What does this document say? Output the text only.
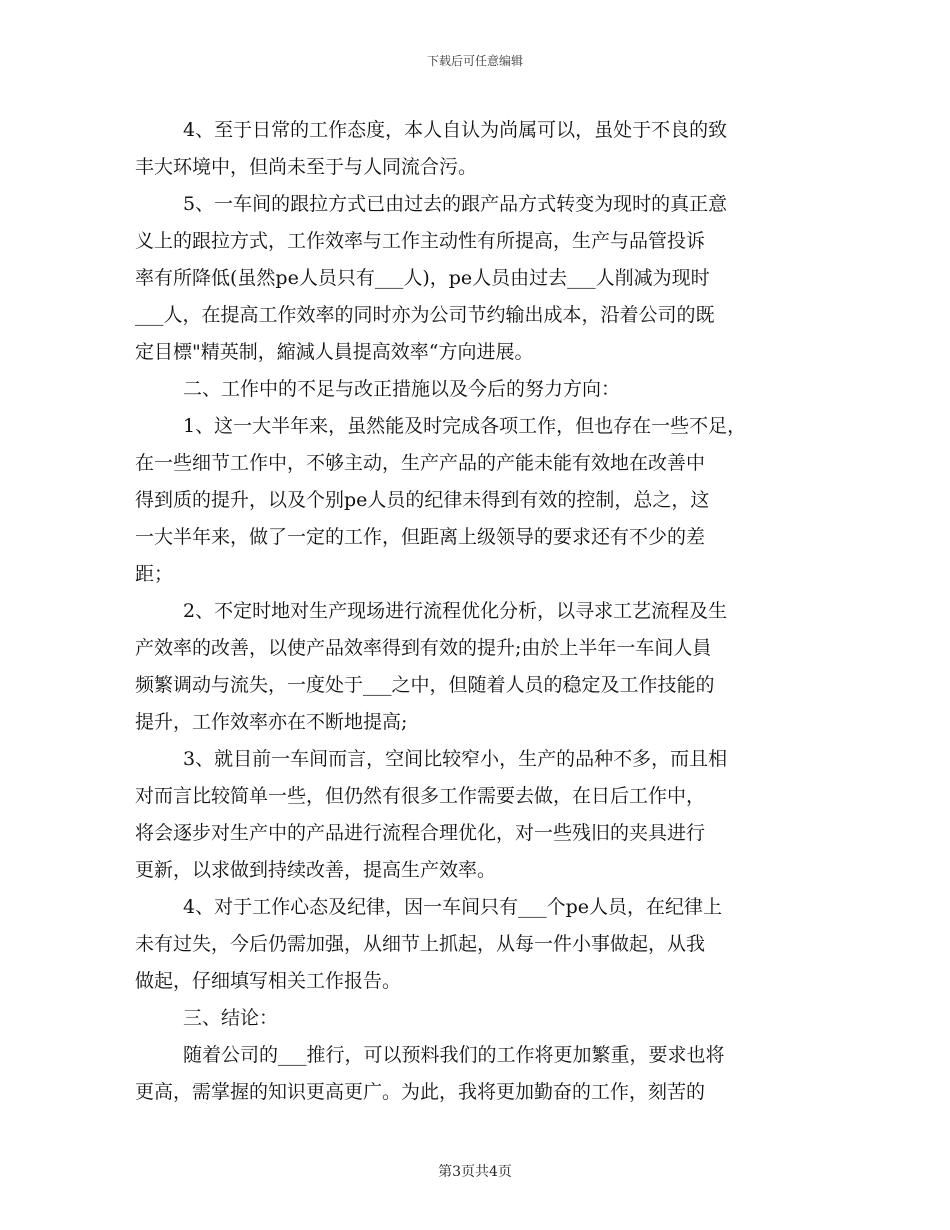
下载后可任意编辑
4、至于日常的工作态度，本人自认为尚属可以，虽处于不良的致
丰大环境中，但尚未至于与人同流合污。
5、一车间的跟拉方式已由过去的跟产品方式转变为现时的真正意
义上的跟拉方式，工作效率与工作主动性有所提高，生产与品管投诉
率有所降低(虽然pe人员只有___人)，pe人员由过去___人削减为现时
___人，在提高工作效率的同时亦为公司节约输出成本，沿着公司的既
定目標"精英制，縮減人員提高效率“方向进展。
二、工作中的不足与改正措施以及今后的努力方向：
1、这一大半年来，虽然能及时完成各项工作，但也存在一些不足，
在一些细节工作中，不够主动，生产产品的产能未能有效地在改善中
得到质的提升，以及个别pe人员的纪律未得到有效的控制，总之，这
一大半年来，做了一定的工作，但距离上级领导的要求还有不少的差
距；
2、不定时地对生产现场进行流程优化分析，以寻求工艺流程及生
产效率的改善，以使产品效率得到有效的提升;由於上半年一车间人員
频繁调动与流失，一度处于___之中，但随着人员的稳定及工作技能的
提升，工作效率亦在不断地提高;
3、就目前一车间而言，空间比较窄小，生产的品种不多，而且相
对而言比较简单一些，但仍然有很多工作需要去做，在日后工作中，
将会逐步对生产中的产品进行流程合理优化，对一些残旧的夹具进行
更新，以求做到持续改善，提高生产效率。
4、对于工作心态及纪律，因一车间只有___个pe人员，在纪律上
未有过失，今后仍需加强，从细节上抓起，从每一件小事做起，从我
做起，仔细填写相关工作报告。
三、结论：
随着公司的___推行，可以预料我们的工作将更加繁重，要求也将
更高，需掌握的知识更高更广。为此，我将更加勤奋的工作，刻苦的
第3页共4页
